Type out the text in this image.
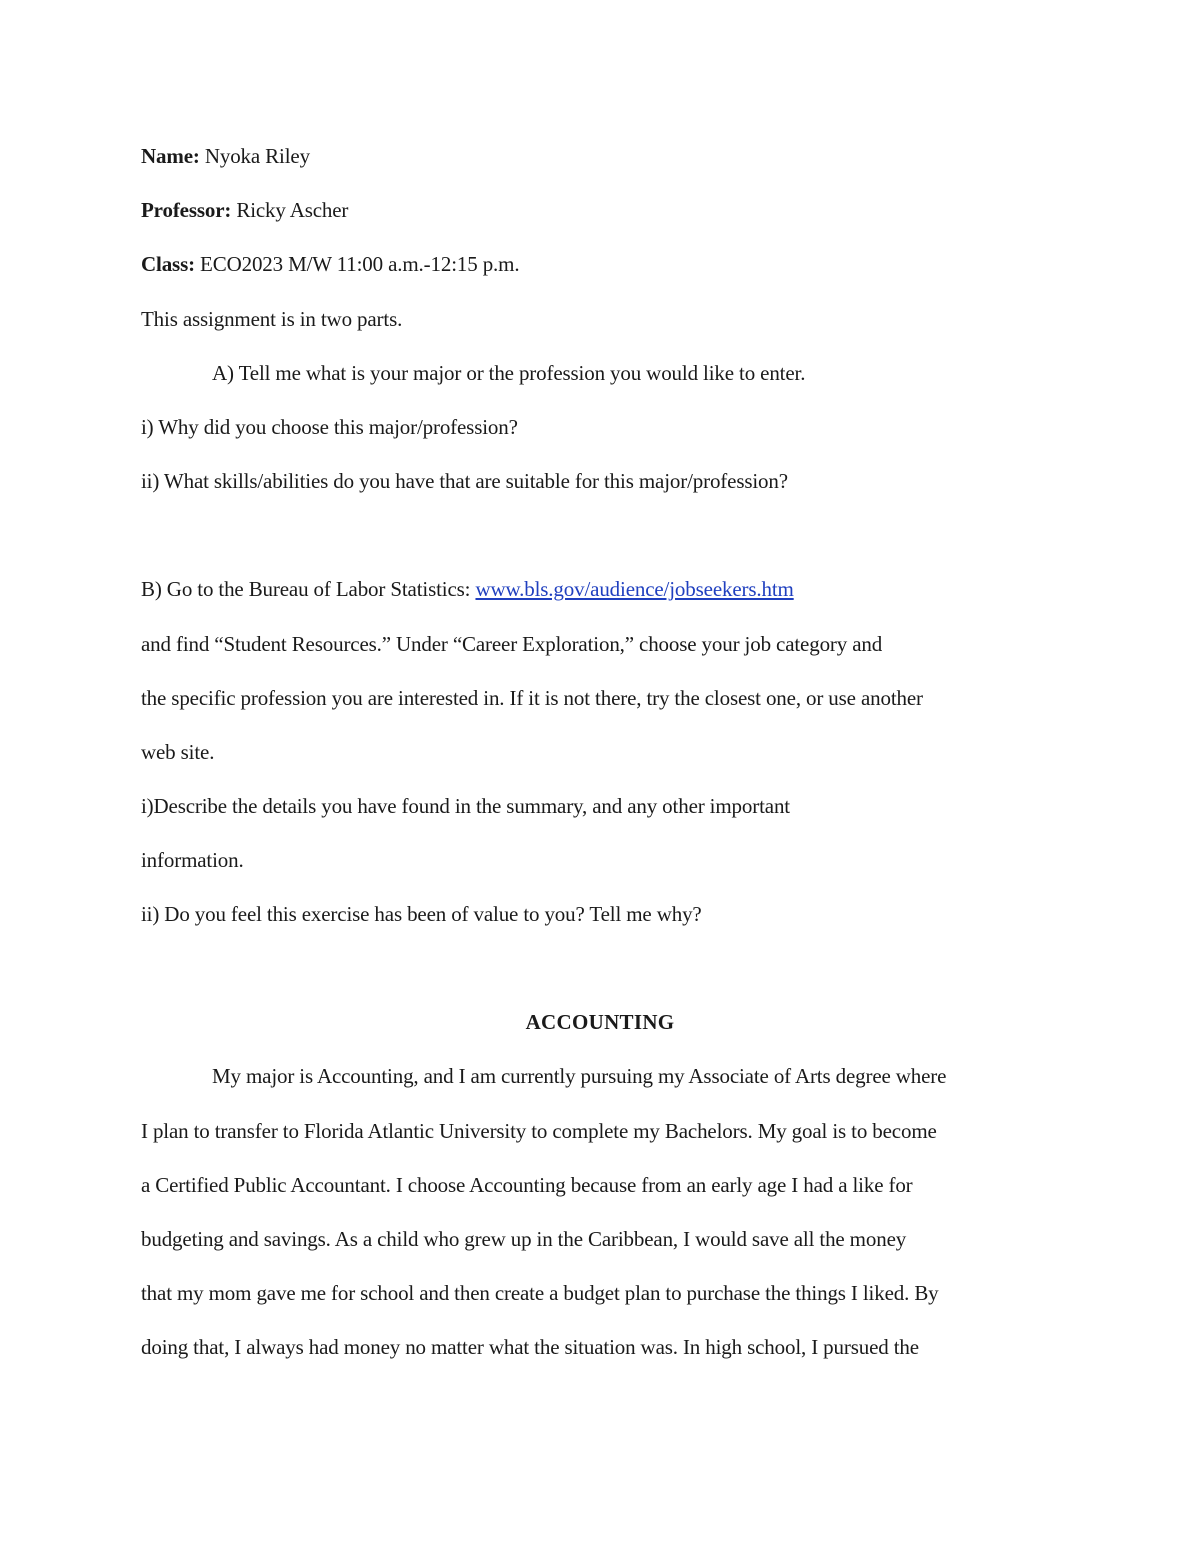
Name: Nyoka Riley
Professor: Ricky Ascher
Class: ECO2023 M/W 11:00 a.m.-12:15 p.m.
This assignment is in two parts.
A) Tell me what is your major or the profession you would like to enter.
i) Why did you choose this major/profession?
ii) What skills/abilities do you have that are suitable for this major/profession?
B) Go to the Bureau of Labor Statistics: www.bls.gov/audience/jobseekers.htm
and find “Student Resources.” Under “Career Exploration,” choose your job category and
the specific profession you are interested in. If it is not there, try the closest one, or use another
web site.
i)Describe the details you have found in the summary, and any other important
information.
ii) Do you feel this exercise has been of value to you? Tell me why?
ACCOUNTING
My major is Accounting, and I am currently pursuing my Associate of Arts degree where
I plan to transfer to Florida Atlantic University to complete my Bachelors. My goal is to become
a Certified Public Accountant. I choose Accounting because from an early age I had a like for
budgeting and savings. As a child who grew up in the Caribbean, I would save all the money
that my mom gave me for school and then create a budget plan to purchase the things I liked. By
doing that, I always had money no matter what the situation was. In high school, I pursued the
